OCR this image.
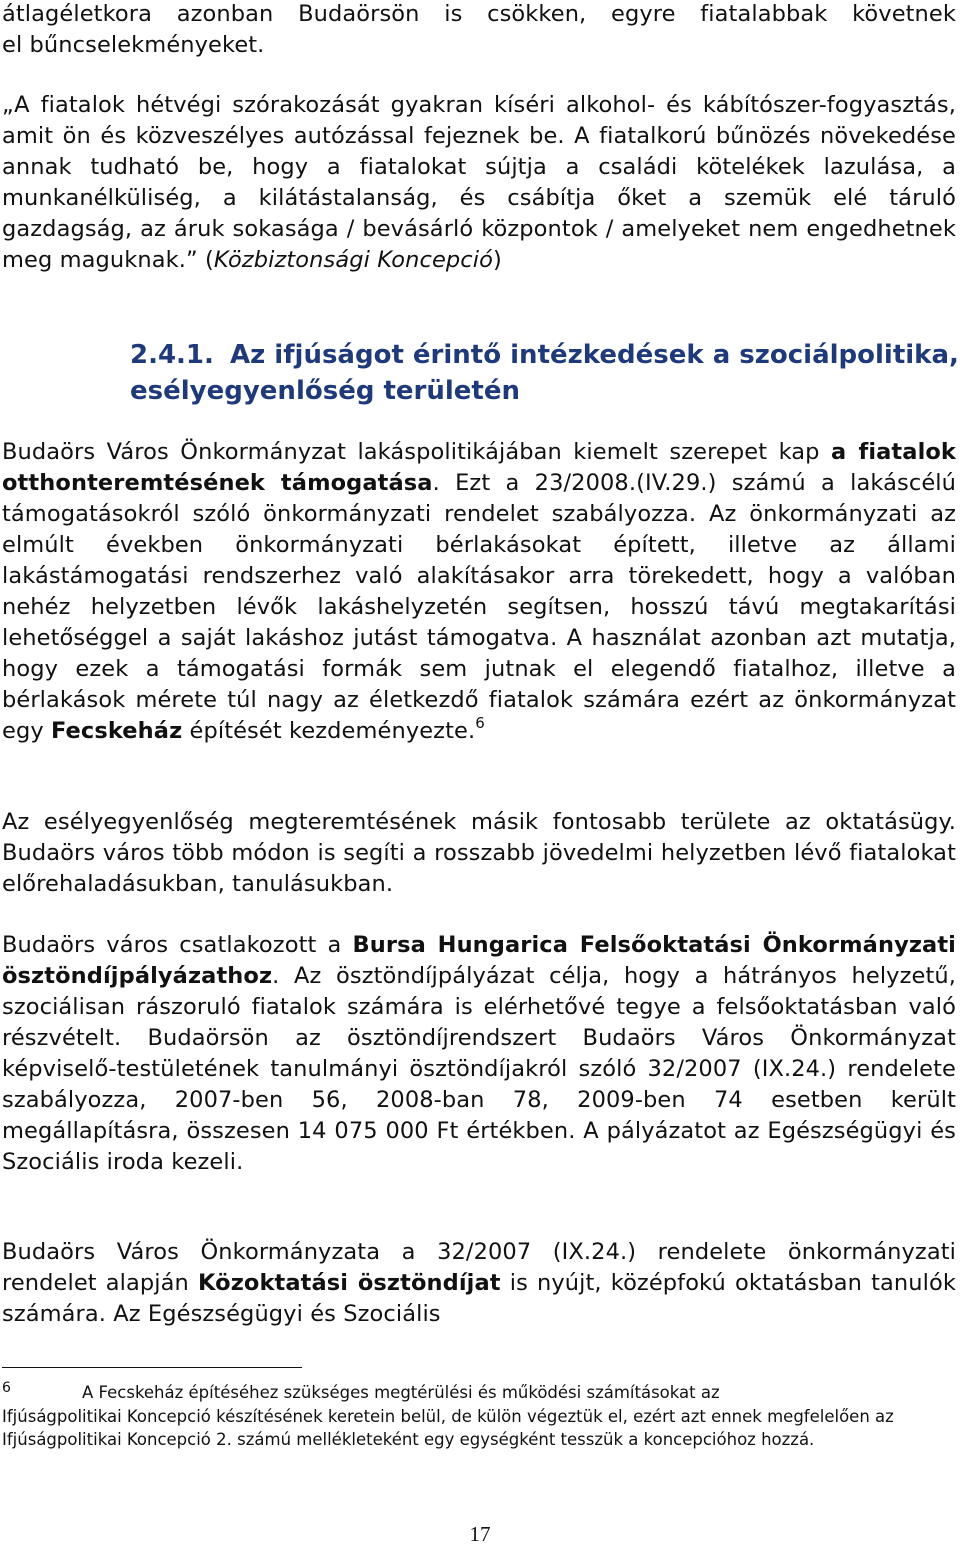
átlagéletkora azonban Budaörsön is csökken, egyre fiatalabbak követnek
el bűncselekményeket.

„A fiatalok hétvégi szórakozását gyakran kíséri alkohol- és kábítószer-fogyasztás, amit ön és közveszélyes autózással fejeznek be. A fiatalkorú bűnözés növekedése annak tudható be, hogy a fiatalokat sújtja a családi kötelékek lazulása, a munkanélküliség, a kilátástalanság, és csábítja őket a szemük elé táruló gazdagság, az áruk sokasága / bevásárló központok / amelyeket nem engedhetnek meg maguknak.” (Közbiztonsági Koncepció)

2.4.1. Az ifjúságot érintő intézkedések a szociálpolitika,
esélyegyenlőség területén

Budaörs Város Önkormányzat lakáspolitikájában kiemelt szerepet kap a fiatalok otthonteremtésének támogatása. Ezt a 23/2008.(IV.29.) számú a lakáscélú támogatásokról szóló önkormányzati rendelet szabályozza. Az önkormányzati az elmúlt években önkormányzati bérlakásokat épített, illetve az állami lakástámogatási rendszerhez való alakításakor arra törekedett, hogy a valóban nehéz helyzetben lévők lakáshelyzetén segítsen, hosszú távú megtakarítási lehetőséggel a saját lakáshoz jutást támogatva. A használat azonban azt mutatja, hogy ezek a támogatási formák sem jutnak el elegendő fiatalhoz, illetve a bérlakások mérete túl nagy az életkezdő fiatalok számára ezért az önkormányzat egy Fecskeház építését kezdeményezte.$^6$

Az esélyegyenlőség megteremtésének másik fontosabb területe az oktatásügy. Budaörs város több módon is segíti a rosszabb jövedelmi helyzetben lévő fiatalokat előrehaladásukban, tanulásukban.

Budaörs város csatlakozott a Bursa Hungarica Felsőoktatási Önkormányzati ösztöndíjpályázathoz. Az ösztöndíjpályázat célja, hogy a hátrányos helyzetű, szociálisan rászoruló fiatalok számára is elérhetővé tegye a felsőoktatásban való részvételt. Budaörsön az ösztöndíjrendszert Budaörs Város Önkormányzat képviselő-testületének tanulmányi ösztöndíjakról szóló 32/2007 (IX.24.) rendelete szabályozza, 2007-ben 56, 2008-ban 78, 2009-ben 74 esetben került megállapításra, összesen 14 075 000 Ft értékben. A pályázatot az Egészségügyi és Szociális iroda kezeli.

Budaörs Város Önkormányzata a 32/2007 (IX.24.) rendelete önkormányzati rendelet alapján Közoktatási ösztöndíjat is nyújt, középfokú oktatásban tanulók számára. Az Egészségügyi és Szociális

6	A Fecskeház építéséhez szükséges megtérülési és működési számításokat az
Ifjúságpolitikai Koncepció készítésének keretein belül, de külön végeztük el, ezért azt ennek megfelelően az Ifjúságpolitikai Koncepció 2. számú mellékleteként egy egységként tesszük a koncepcióhoz hozzá.
17
